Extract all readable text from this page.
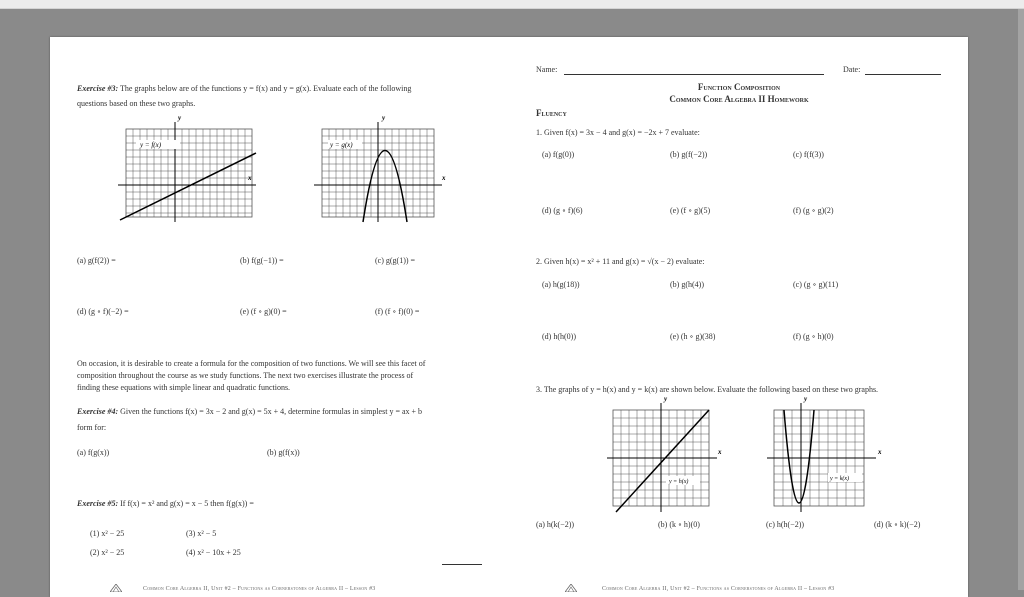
Exercise #3: The graphs below are of the functions y = f(x) and y = g(x). Evaluate each of the following
questions based on these two graphs.
y = f(x)
y
x
y = g(x)
y
x
(a) g(f(2)) =	(b) f(g(−1)) =	(c) g(g(1)) =
(d) (g ∘ f)(−2) =	(e) (f ∘ g)(0) =	(f) (f ∘ f)(0) =
On occasion, it is desirable to create a formula for the composition of two functions. We will see this facet of
composition throughout the course as we study functions. The next two exercises illustrate the process of
finding these equations with simple linear and quadratic functions.
Exercise #4: Given the functions f(x) = 3x − 2 and g(x) = 5x + 4, determine formulas in simplest y = ax + b
form for:
(a) f(g(x))	(b) g(f(x))
Exercise #5: If f(x) = x² and g(x) = x − 5 then f(g(x)) =
(1) x² − 25	(3) x² − 5
(2) x² − 25	(4) x² − 10x + 25
Common Core Algebra II, Unit #2 – Functions as Cornerstones of Algebra II – Lesson #3
Name:	Date:
Function Composition
Common Core Algebra II Homework
Fluency
1. Given f(x) = 3x − 4 and g(x) = −2x + 7 evaluate:
(a) f(g(0))	(b) g(f(−2))	(c) f(f(3))
(d) (g ∘ f)(6)	(e) (f ∘ g)(5)	(f) (g ∘ g)(2)
2. Given h(x) = x² + 11 and g(x) = √(x − 2) evaluate:
(a) h(g(18))	(b) g(h(4))	(c) (g ∘ g)(11)
(d) h(h(0))	(e) (h ∘ g)(38)	(f) (g ∘ h)(0)
3. The graphs of y = h(x) and y = k(x) are shown below. Evaluate the following based on these two graphs.
y = h(x)
y
x
y = k(x)
y
x
(a) h(k(−2))	(b) (k ∘ h)(0)	(c) h(h(−2))	(d) (k ∘ k)(−2)
Common Core Algebra II, Unit #2 – Functions as Cornerstones of Algebra II – Lesson #3
